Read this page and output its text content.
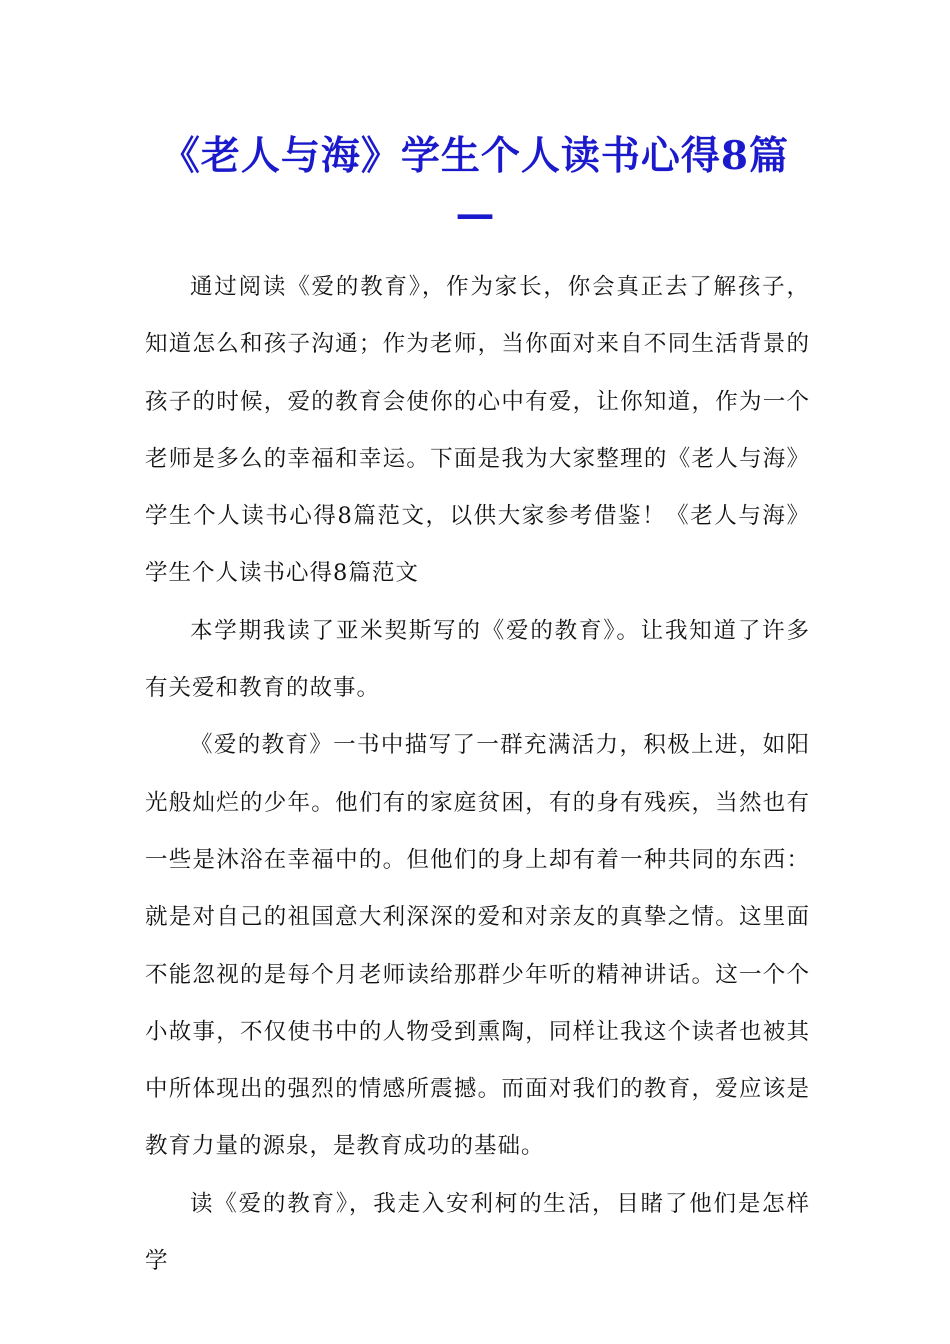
《老人与海》学生个人读书心得8篇
—

通过阅读《爱的教育》，作为家长，你会真正去了解孩子，知道怎么和孩子沟通；作为老师，当你面对来自不同生活背景的孩子的时候，爱的教育会使你的心中有爱，让你知道，作为一个老师是多么的幸福和幸运。下面是我为大家整理的《老人与海》学生个人读书心得8篇范文，以供大家参考借鉴！《老人与海》学生个人读书心得8篇范文

本学期我读了亚米契斯写的《爱的教育》。让我知道了许多有关爱和教育的故事。

《爱的教育》一书中描写了一群充满活力，积极上进，如阳光般灿烂的少年。他们有的家庭贫困，有的身有残疾，当然也有一些是沐浴在幸福中的。但他们的身上却有着一种共同的东西：就是对自己的祖国意大利深深的爱和对亲友的真挚之情。这里面不能忽视的是每个月老师读给那群少年听的精神讲话。这一个个小故事，不仅使书中的人物受到熏陶，同样让我这个读者也被其中所体现出的强烈的情感所震撼。而面对我们的教育，爱应该是教育力量的源泉，是教育成功的基础。

读《爱的教育》，我走入安利柯的生活，目睹了他们是怎样学
